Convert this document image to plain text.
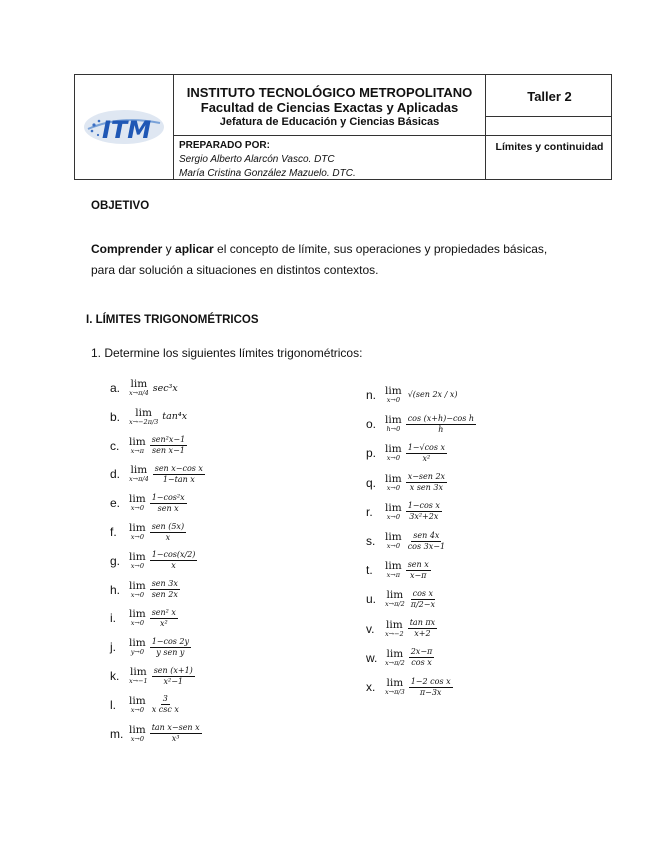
ITM
INSTITUTO TECNOLÓGICO METROPOLITANO
Facultad de Ciencias Exactas y Aplicadas
Jefatura de Educación y Ciencias Básicas
PREPARADO POR:
Sergio Alberto Alarcón Vasco. DTC
María Cristina González Mazuelo. DTC.
Taller 2
Límites y continuidad
OBJETIVO
Comprender y aplicar el concepto de límite, sus operaciones y propiedades básicas,
para dar solución a situaciones en distintos contextos.
I. LÍMITES TRIGONOMÉTRICOS
1. Determine los siguientes límites trigonométricos:
a.	lim
x→π/4 sec³x
b.	lim
x→−2π/3 tan⁴x
c. lim
$x\to\pi \frac{\text{sen²x−1}}{\text{sen x−1}}$
d.	lim
$x\to\pi/4 \frac{\text{sen x−cos x}}{\text{1−tan x}}$
e. lim
$x\to 0 \frac{\text{1−cos²x}}{\text{sen x}}$
f.	lim
$x\to 0 \frac{\text{sen (5x)}}{x}$
g. lim
$x\to 0 \frac{1-\cos(x/2)}{x}$
h. lim
$x\to 0 \frac{\text{sen 3x}}{\text{sen 2x}}$
i.	lim
$x\to 0 \frac{\text{sen² x}}{\text{x²}}$
j.	lim
$y\to 0 \frac{1-\cos 2y}{\text{y sen y}}$
k.	lim
$x\to-1 \frac{\text{sen (x+1)}}{\text{x²−1}}$
l.	lim
$x\to 0 \frac{3}{\text{x csc x}}$
m. lim
$x\to 0 \frac{\text{tan x−sen x}}{\text{x³}}$
n. lim
x→0
√(sen 2x / x)
o. lim
$h\to 0 \frac{\text{cos (x+h)−cos h}}{h}$
p. lim
$x\to 0 \frac{\text{1−√cos x}}{\text{x²}}$
q. lim
$x\to 0 \frac{\text{x−sen 2x}}{\text{x sen 3x}}$
r.	lim
$x\to 0 \frac{\text{1−cos x}}{\text{3x²+2x}}$
s. lim
$x\to 0 \frac{\text{sen 4x}}{\cos 3x-1}$
t.	lim
$x\to\pi \frac{\text{sen x}}{x-\pi}$
u.	lim
$x\to\pi/2 \frac{\text{cos x}}{\pi/2-x}$
v.	lim
$x\to-2 \frac{\text{tan πx}}{x+2}$
w. lim
$x\to\pi/2 \frac{2x-\pi}{\text{cos x}}$
x.	lim
$x\to\pi/3 \frac{\text{1−2 cos x}}{\pi-3x}$
